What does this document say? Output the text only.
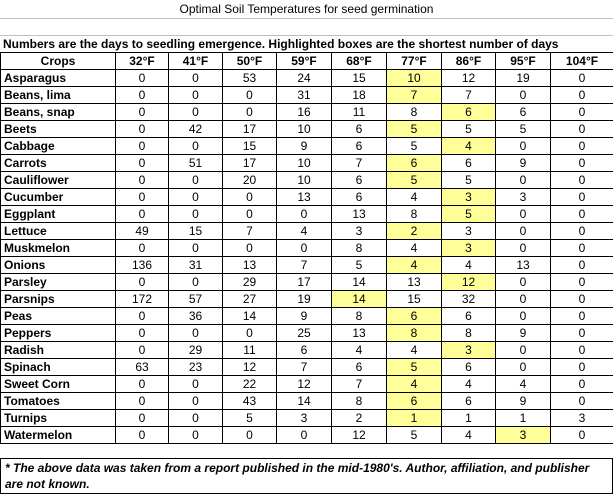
Optimal Soil Temperatures for seed germination
Numbers are the days to seedling emergence. Highlighted boxes are the shortest number of days
Crops	32°F	41°F	50°F	59°F	68°F	77°F	86°F	95°F	104°F
Asparagus	0	0	53	24	15	10	12	19	0
Beans, lima	0	0	0	31	18	7	7	0	0
Beans, snap	0	0	0	16	11	8	6	6	0
Beets	0	42	17	10	6	5	5	5	0
Cabbage	0	0	15	9	6	5	4	0	0
Carrots	0	51	17	10	7	6	6	9	0
Cauliflower	0	0	20	10	6	5	5	0	0
Cucumber	0	0	0	13	6	4	3	3	0
Eggplant	0	0	0	0	13	8	5	0	0
Lettuce	49	15	7	4	3	2	3	0	0
Muskmelon	0	0	0	0	8	4	3	0	0
Onions	136	31	13	7	5	4	4	13	0
Parsley	0	0	29	17	14	13	12	0	0
Parsnips	172	57	27	19	14	15	32	0	0
Peas	0	36	14	9	8	6	6	0	0
Peppers	0	0	0	25	13	8	8	9	0
Radish	0	29	11	6	4	4	3	0	0
Spinach	63	23	12	7	6	5	6	0	0
Sweet Corn	0	0	22	12	7	4	4	4	0
Tomatoes	0	0	43	14	8	6	6	9	0
Turnips	0	0	5	3	2	1	1	1	3
Watermelon	0	0	0	0	12	5	4	3	0
* The above data was taken from a report published in the mid-1980's. Author, affiliation, and publisher are not known.
